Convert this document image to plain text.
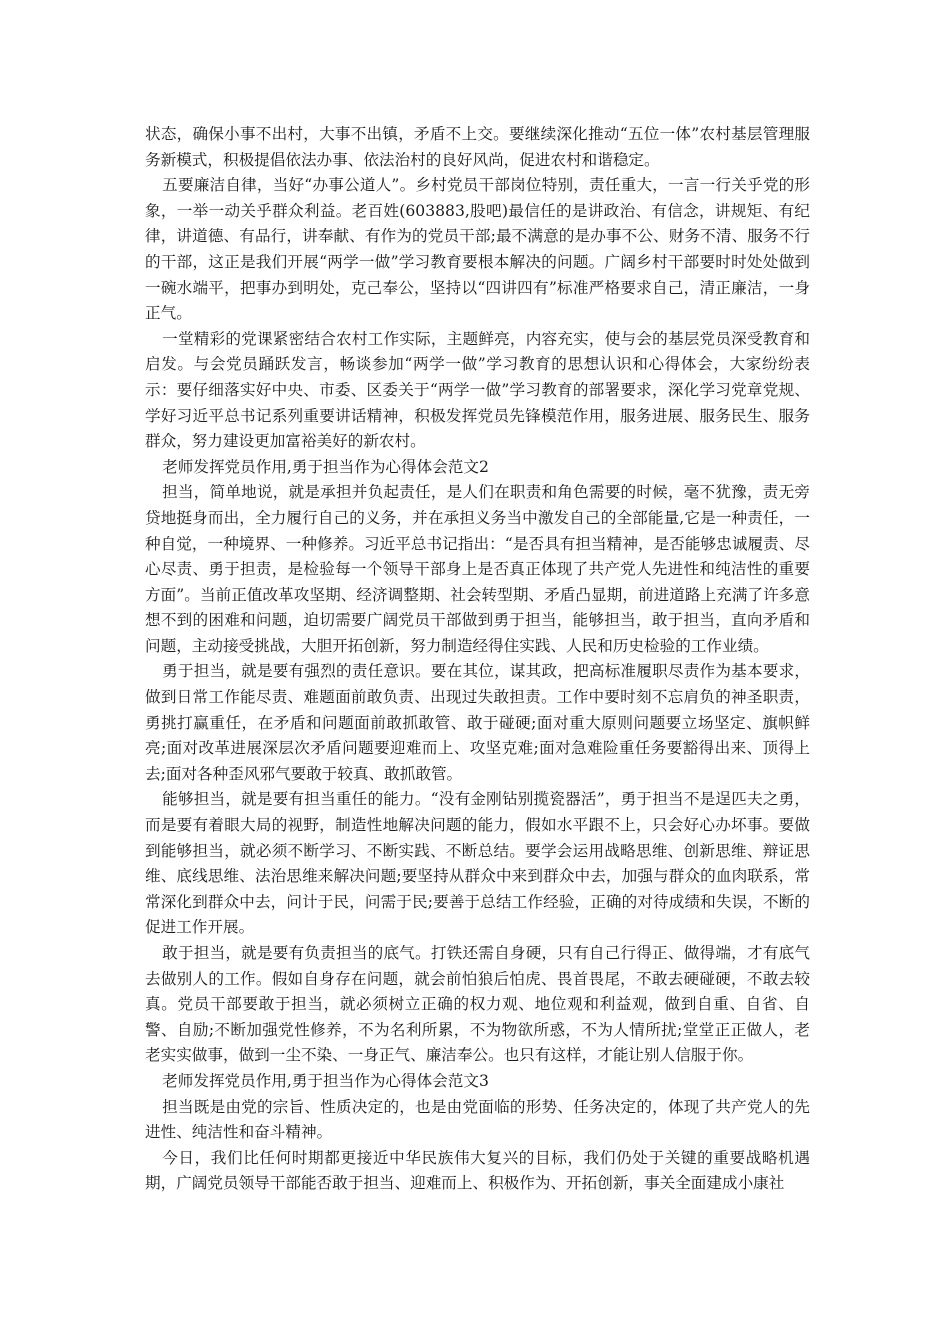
状态，确保小事不出村，大事不出镇，矛盾不上交。要继续深化推动“五位一体”农村基层管理服务新模式，积极提倡依法办事、依法治村的良好风尚，促进农村和谐稳定。

五要廉洁自律，当好“办事公道人”。乡村党员干部岗位特别，责任重大，一言一行关乎党的形象，一举一动关乎群众利益。老百姓(603883,股吧)最信任的是讲政治、有信念，讲规矩、有纪律，讲道德、有品行，讲奉献、有作为的党员干部;最不满意的是办事不公、财务不清、服务不行的干部，这正是我们开展“两学一做”学习教育要根本解决的问题。广阔乡村干部要时时处处做到一碗水端平，把事办到明处，克己奉公，坚持以“四讲四有”标准严格要求自己，清正廉洁，一身正气。

一堂精彩的党课紧密结合农村工作实际，主题鲜亮，内容充实，使与会的基层党员深受教育和启发。与会党员踊跃发言，畅谈参加“两学一做”学习教育的思想认识和心得体会，大家纷纷表示：要仔细落实好中央、市委、区委关于“两学一做”学习教育的部署要求，深化学习党章党规、学好习近平总书记系列重要讲话精神，积极发挥党员先锋模范作用，服务进展、服务民生、服务群众，努力建设更加富裕美好的新农村。

老师发挥党员作用,勇于担当作为心得体会范文2

担当，简单地说，就是承担并负起责任，是人们在职责和角色需要的时候，毫不犹豫，责无旁贷地挺身而出，全力履行自己的义务，并在承担义务当中激发自己的全部能量,它是一种责任，一种自觉，一种境界、一种修养。习近平总书记指出：“是否具有担当精神，是否能够忠诚履责、尽心尽责、勇于担责，是检验每一个领导干部身上是否真正体现了共产党人先进性和纯洁性的重要方面”。当前正值改革攻坚期、经济调整期、社会转型期、矛盾凸显期，前进道路上充满了许多意想不到的困难和问题，迫切需要广阔党员干部做到勇于担当，能够担当，敢于担当，直向矛盾和问题，主动接受挑战，大胆开拓创新，努力制造经得住实践、人民和历史检验的工作业绩。

勇于担当，就是要有强烈的责任意识。要在其位，谋其政，把高标准履职尽责作为基本要求，做到日常工作能尽责、难题面前敢负责、出现过失敢担责。工作中要时刻不忘肩负的神圣职责，勇挑打赢重任，在矛盾和问题面前敢抓敢管、敢于碰硬;面对重大原则问题要立场坚定、旗帜鲜亮;面对改革进展深层次矛盾问题要迎难而上、攻坚克难;面对急难险重任务要豁得出来、顶得上去;面对各种歪风邪气要敢于较真、敢抓敢管。

能够担当，就是要有担当重任的能力。“没有金刚钻别揽瓷器活”，勇于担当不是逞匹夫之勇，而是要有着眼大局的视野，制造性地解决问题的能力，假如水平跟不上，只会好心办坏事。要做到能够担当，就必须不断学习、不断实践、不断总结。要学会运用战略思维、创新思维、辩证思维、底线思维、法治思维来解决问题;要坚持从群众中来到群众中去，加强与群众的血肉联系，常常深化到群众中去，问计于民，问需于民;要善于总结工作经验，正确的对待成绩和失误，不断的促进工作开展。

敢于担当，就是要有负责担当的底气。打铁还需自身硬，只有自己行得正、做得端，才有底气去做别人的工作。假如自身存在问题，就会前怕狼后怕虎、畏首畏尾，不敢去硬碰硬，不敢去较真。党员干部要敢于担当，就必须树立正确的权力观、地位观和利益观，做到自重、自省、自警、自励;不断加强党性修养，不为名利所累，不为物欲所惑，不为人情所扰;堂堂正正做人，老老实实做事，做到一尘不染、一身正气、廉洁奉公。也只有这样，才能让别人信服于你。

老师发挥党员作用,勇于担当作为心得体会范文3

担当既是由党的宗旨、性质决定的，也是由党面临的形势、任务决定的，体现了共产党人的先进性、纯洁性和奋斗精神。

今日，我们比任何时期都更接近中华民族伟大复兴的目标，我们仍处于关键的重要战略机遇期，广阔党员领导干部能否敢于担当、迎难而上、积极作为、开拓创新，事关全面建成小康社
